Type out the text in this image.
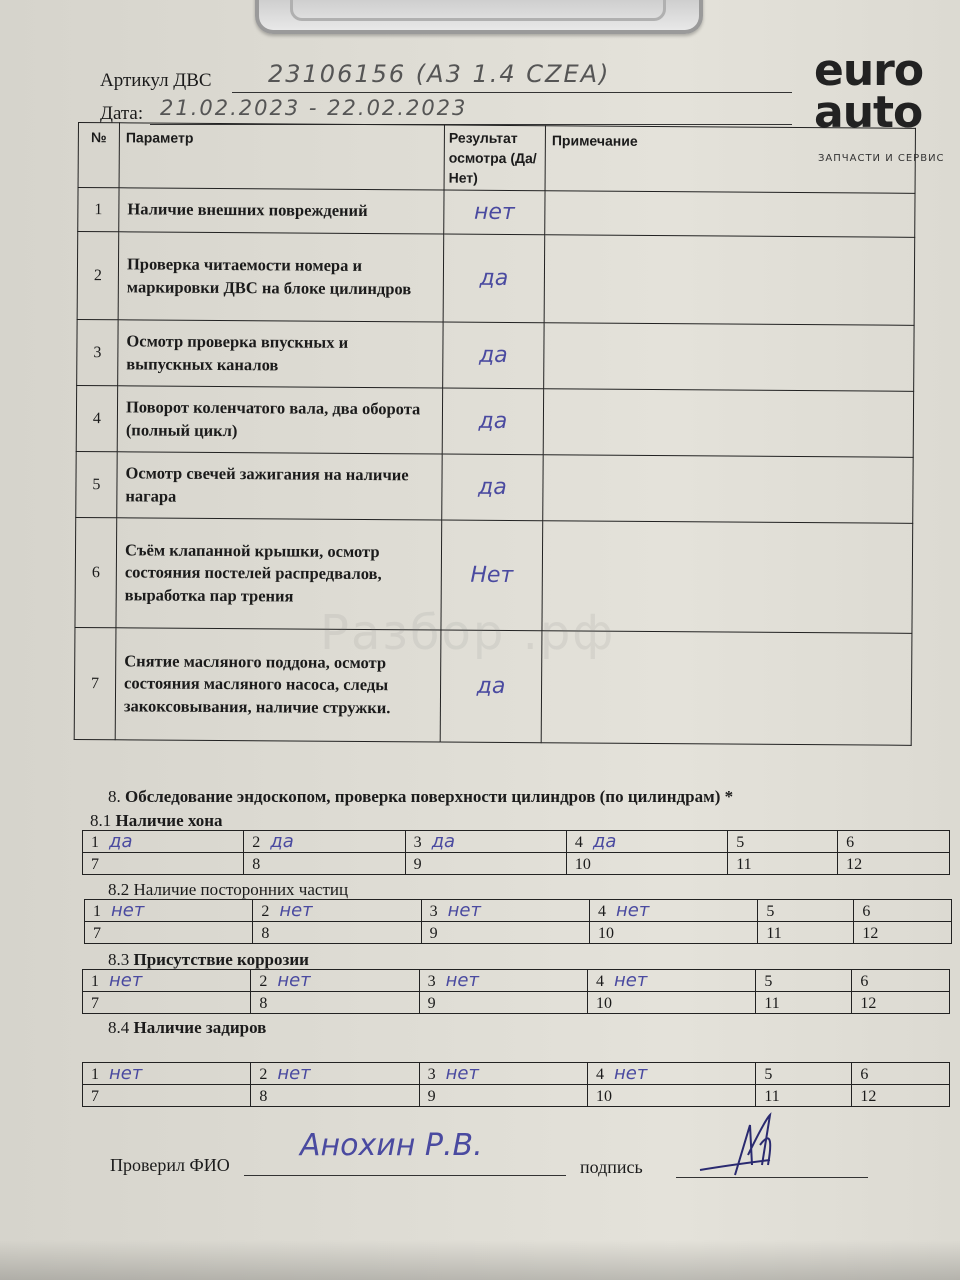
Артикул ДВС 23106156 (A3 1.4 CZEA)
Дата: 21.02.2023 - 22.02.2023
euro
auto
ЗАПЧАСТИ И СЕРВИС
№	Параметр	Результат осмотра (Да/Нет)	Примечание
1	Наличие внешних повреждений	нет	
2	Проверка читаемости номера и маркировки ДВС на блоке цилиндров	да	
3	Осмотр проверка впускных и выпускных каналов	да	
4	Поворот коленчатого вала, два оборота (полный цикл)	да	
5	Осмотр свечей зажигания на наличие нагара	да	
6	Съём клапанной крышки, осмотр состояния постелей распредвалов, выработка пар трения	Нет	
7	Снятие масляного поддона, осмотр состояния масляного насоса, следы закоксовывания, наличие стружки.	да	
Разбор .рф
8. Обследование эндоскопом, проверка поверхности цилиндров (по цилиндрам) *
8.1 Наличие хона
1 да	2 да	3 да	4 да	5	6
7	8	9	10	11	12
8.2 Наличие посторонних частиц
1 нет	2 нет	3 нет	4 нет	5	6
7	8	9	10	11	12
8.3 Присутствие коррозии
1 нет	2 нет	3 нет	4 нет	5	6
7	8	9	10	11	12
8.4 Наличие задиров
1 нет	2 нет	3 нет	4 нет	5	6
7	8	9	10	11	12
Проверил ФИО
Анохин Р.В.
подпись
